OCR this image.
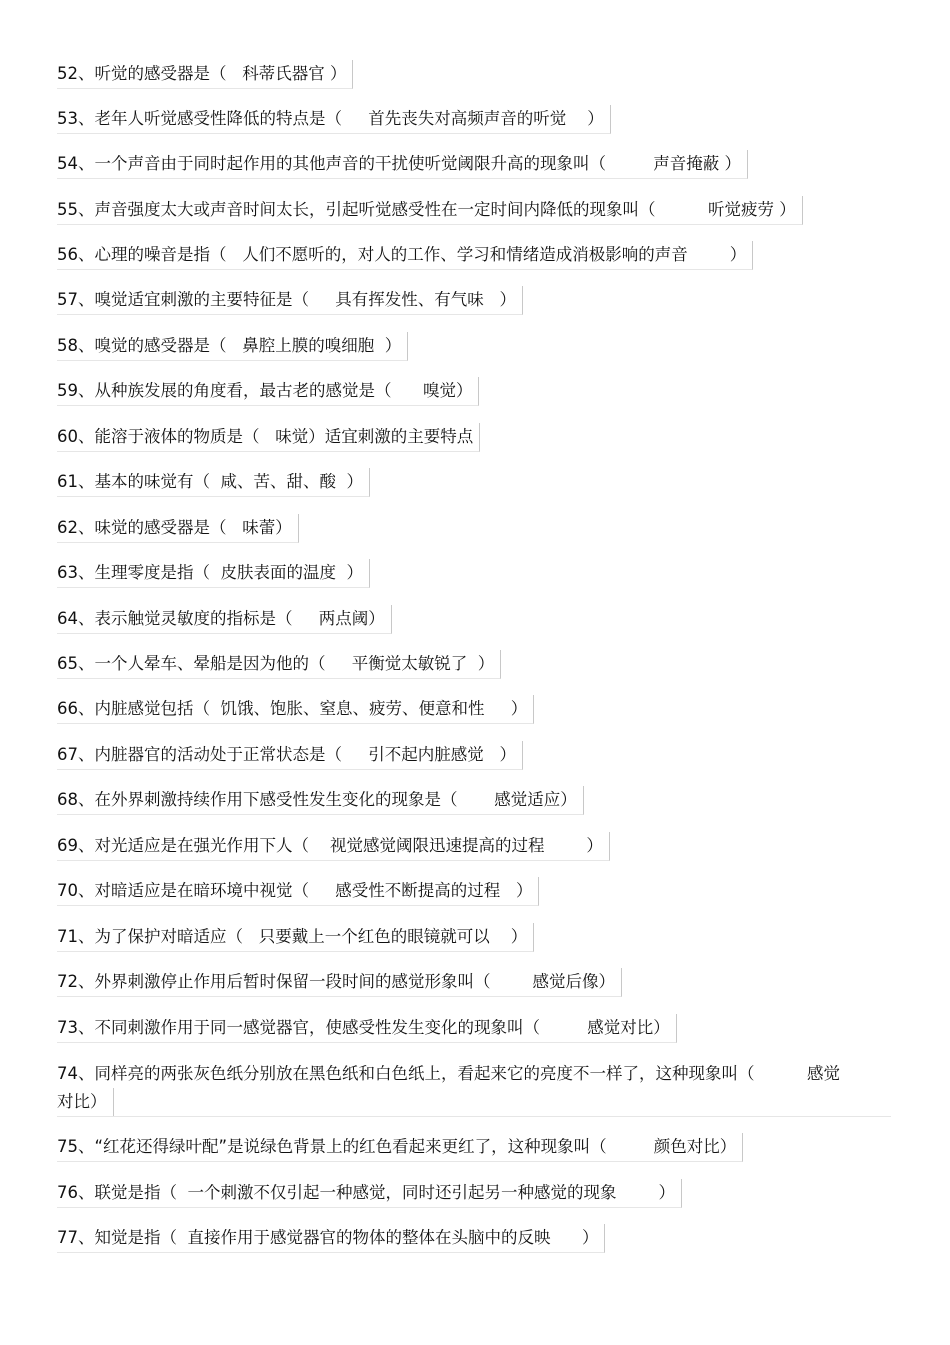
52、听觉的感受器是（   科蒂氏器官 ）
53、老年人听觉感受性降低的特点是（     首先丧失对高频声音的听觉    ）
54、一个声音由于同时起作用的其他声音的干扰使听觉阈限升高的现象叫（         声音掩蔽 ）
55、声音强度太大或声音时间太长，引起听觉感受性在一定时间内降低的现象叫（          听觉疲劳 ）
56、心理的噪音是指（   人们不愿听的，对人的工作、学习和情绪造成消极影响的声音        ）
57、嗅觉适宜刺激的主要特征是（     具有挥发性、有气味   ）
58、嗅觉的感受器是（   鼻腔上膜的嗅细胞  ）
59、从种族发展的角度看，最古老的感觉是（      嗅觉）
60、能溶于液体的物质是（   味觉）适宜刺激的主要特点
61、基本的味觉有（  咸、苦、甜、酸  ）
62、味觉的感受器是（   味蕾）
63、生理零度是指（  皮肤表面的温度  ）
64、表示触觉灵敏度的指标是（     两点阈）
65、一个人晕车、晕船是因为他的（     平衡觉太敏锐了  ）
66、内脏感觉包括（  饥饿、饱胀、窒息、疲劳、便意和性     ）
67、内脏器官的活动处于正常状态是（     引不起内脏感觉   ）
68、在外界刺激持续作用下感受性发生变化的现象是（       感觉适应）
69、对光适应是在强光作用下人（    视觉感觉阈限迅速提高的过程        ）
70、对暗适应是在暗环境中视觉（     感受性不断提高的过程   ）
71、为了保护对暗适应（   只要戴上一个红色的眼镜就可以    ）
72、外界刺激停止作用后暂时保留一段时间的感觉形象叫（        感觉后像）
73、不同刺激作用于同一感觉器官，使感受性发生变化的现象叫（         感觉对比）
74、同样亮的两张灰色纸分别放在黑色纸和白色纸上，看起来它的亮度不一样了，这种现象叫（          感觉
对比）
75、“红花还得绿叶配”是说绿色背景上的红色看起来更红了，这种现象叫（         颜色对比）
76、联觉是指（  一个刺激不仅引起一种感觉，同时还引起另一种感觉的现象        ）
77、知觉是指（  直接作用于感觉器官的物体的整体在头脑中的反映      ）
